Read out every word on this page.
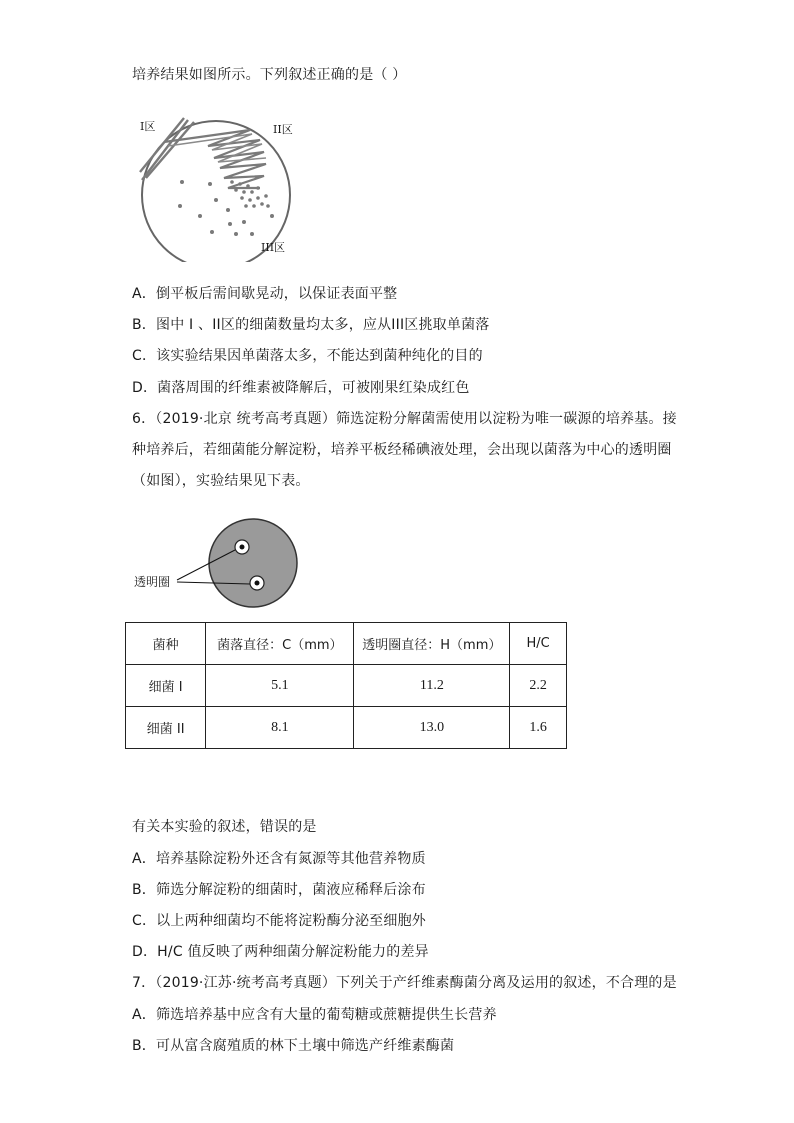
培养结果如图所示。下列叙述正确的是（ ）
I区	II区
III区
A．倒平板后需间歇晃动，以保证表面平整
B．图中 I 、II区的细菌数量均太多，应从III区挑取单菌落
C．该实验结果因单菌落太多，不能达到菌种纯化的目的
D．菌落周围的纤维素被降解后，可被刚果红染成红色
6．（2019·北京 统考高考真题）筛选淀粉分解菌需使用以淀粉为唯一碳源的培养基。接
种培养后，若细菌能分解淀粉，培养平板经稀碘液处理，会出现以菌落为中心的透明圈
（如图），实验结果见下表。
透明圈
菌种	菌落直径：C（mm）	透明圈直径：H（mm）	H/C
细菌 I	5.1	11.2	2.2
细菌 II	8.1	13.0	1.6
有关本实验的叙述，错误的是
A．培养基除淀粉外还含有氮源等其他营养物质
B．筛选分解淀粉的细菌时，菌液应稀释后涂布
C．以上两种细菌均不能将淀粉酶分泌至细胞外
D．H/C 值反映了两种细菌分解淀粉能力的差异
7．（2019·江苏·统考高考真题）下列关于产纤维素酶菌分离及运用的叙述，不合理的是
A．筛选培养基中应含有大量的葡萄糖或蔗糖提供生长营养
B．可从富含腐殖质的林下土壤中筛选产纤维素酶菌
